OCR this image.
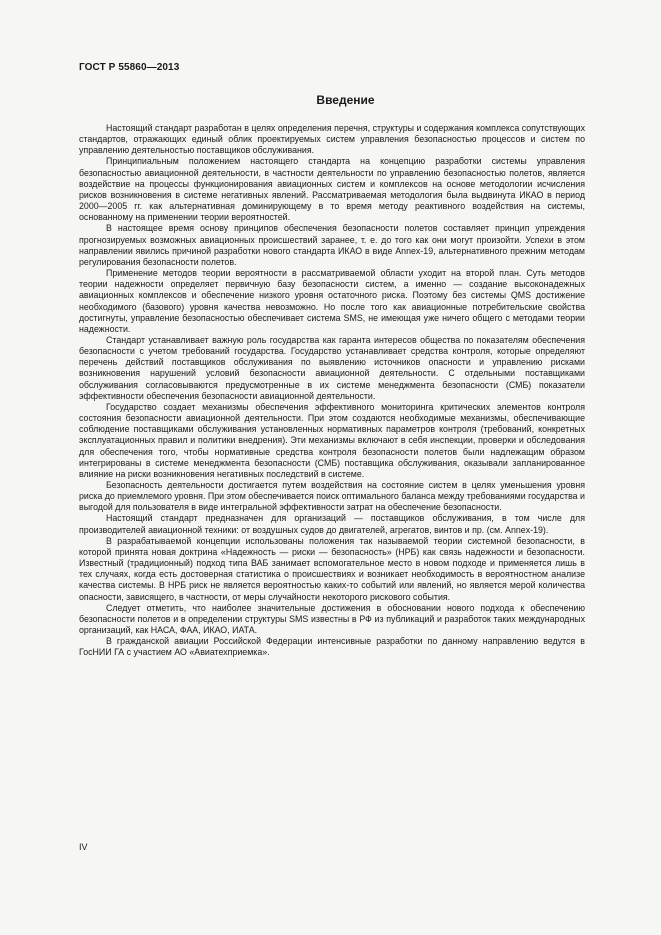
ГОСТ Р 55860—2013
Введение

Настоящий стандарт разработан в целях определения перечня, структуры и содержания комплекса сопутствующих стандартов, отражающих единый облик проектируемых систем управления безопасностью процессов и систем по управлению деятельностью поставщиков обслуживания.

Принципиальным положением настоящего стандарта на концепцию разработки системы управления безопасностью авиационной деятельности, в частности деятельности по управлению безопасностью полетов, является воздействие на процессы функционирования авиационных систем и комплексов на основе методологии исчисления рисков возникновения в системе негативных явлений. Рассматриваемая методология была выдвинута ИКАО в период 2000—2005 гг. как альтернативная доминирующему в то время методу реактивного воздействия на системы, основанному на применении теории вероятностей.

В настоящее время основу принципов обеспечения безопасности полетов составляет принцип упреждения прогнозируемых возможных авиационных происшествий заранее, т. е. до того как они могут произойти. Успехи в этом направлении явились причиной разработки нового стандарта ИКАО в виде Annex-19, альтернативного прежним методам регулирования безопасности полетов.

Применение методов теории вероятности в рассматриваемой области уходит на второй план. Суть методов теории надежности определяет первичную базу безопасности систем, а именно — создание высоконадежных авиационных комплексов и обеспечение низкого уровня остаточного риска. Поэтому без системы QMS достижение необходимого (базового) уровня качества невозможно. Но после того как авиационные потребительские свойства достигнуты, управление безопасностью обеспечивает система SMS, не имеющая уже ничего общего с методами теории надежности.

Стандарт устанавливает важную роль государства как гаранта интересов общества по показателям обеспечения безопасности с учетом требований государства. Государство устанавливает средства контроля, которые определяют перечень действий поставщиков обслуживания по выявлению источников опасности и управлению рисками возникновения нарушений условий безопасности авиационной деятельности. С отдельными поставщиками обслуживания согласовываются предусмотренные в их системе менеджмента безопасности (СМБ) показатели эффективности обеспечения безопасности авиационной деятельности.

Государство создает механизмы обеспечения эффективного мониторинга критических элементов контроля состояния безопасности авиационной деятельности. При этом создаются необходимые механизмы, обеспечивающие соблюдение поставщиками обслуживания установленных нормативных параметров контроля (требований, конкретных эксплуатационных правил и политики внедрения). Эти механизмы включают в себя инспекции, проверки и обследования для обеспечения того, чтобы нормативные средства контроля безопасности полетов были надлежащим образом интегрированы в системе менеджмента безопасности (СМБ) поставщика обслуживания, оказывали запланированное влияние на риски возникновения негативных последствий в системе.

Безопасность деятельности достигается путем воздействия на состояние систем в целях уменьшения уровня риска до приемлемого уровня. При этом обеспечивается поиск оптимального баланса между требованиями государства и выгодой для пользователя в виде интегральной эффективности затрат на обеспечение безопасности.

Настоящий стандарт предназначен для организаций — поставщиков обслуживания, в том числе для производителей авиационной техники: от воздушных судов до двигателей, агрегатов, винтов и пр. (см. Annex-19).

В разрабатываемой концепции использованы положения так называемой теории системной безопасности, в которой принята новая доктрина «Надежность — риски — безопасность» (НРБ) как связь надежности и безопасности. Известный (традиционный) подход типа ВАБ занимает вспомогательное место в новом подходе и применяется лишь в тех случаях, когда есть достоверная статистика о происшествиях и возникает необходимость в вероятностном анализе качества системы. В НРБ риск не является вероятностью каких-то событий или явлений, но является мерой количества опасности, зависящего, в частности, от меры случайности некоторого рискового события.

Следует отметить, что наиболее значительные достижения в обосновании нового подхода к обеспечению безопасности полетов и в определении структуры SMS известны в РФ из публикаций и разработок таких международных организаций, как НАСА, ФАА, ИКАО, ИАТА.

В гражданской авиации Российской Федерации интенсивные разработки по данному направлению ведутся в ГосНИИ ГА с участием АО «Авиатехприемка».

IV
